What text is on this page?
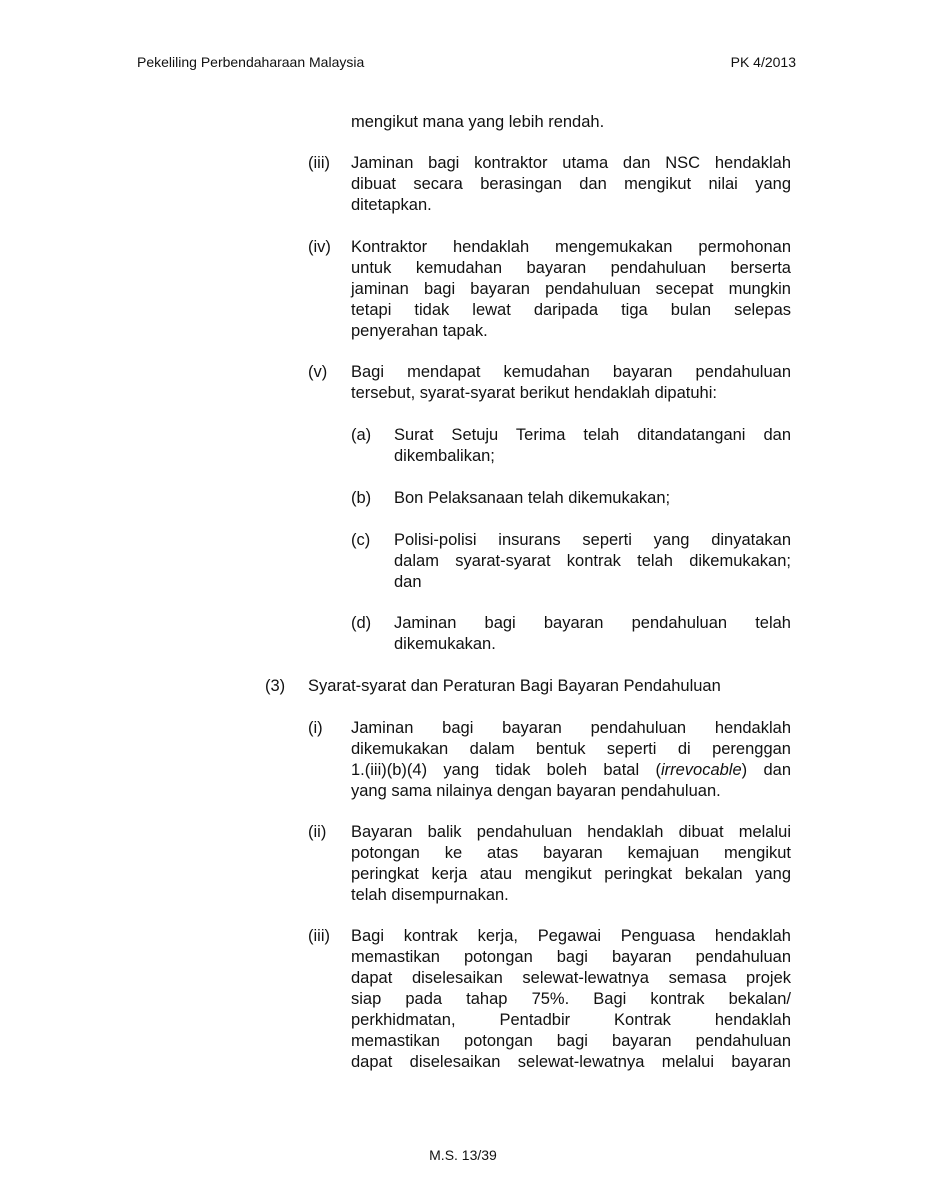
Pekeliling Perbendaharaan Malaysia	PK 4/2013
mengikut mana yang lebih rendah.
(iii) Jaminan bagi kontraktor utama dan NSC hendaklah
dibuat secara berasingan dan mengikut nilai yang
ditetapkan.
(iv) Kontraktor hendaklah mengemukakan permohonan
untuk kemudahan bayaran pendahuluan berserta
jaminan bagi bayaran pendahuluan secepat mungkin
tetapi tidak lewat daripada tiga bulan selepas
penyerahan tapak.
(v) Bagi mendapat kemudahan bayaran pendahuluan
tersebut, syarat-syarat berikut hendaklah dipatuhi:
(a) Surat Setuju Terima telah ditandatangani dan
dikembalikan;
(b) Bon Pelaksanaan telah dikemukakan;
(c) Polisi-polisi insurans seperti yang dinyatakan
dalam syarat-syarat kontrak telah dikemukakan;
dan
(d) Jaminan bagi bayaran pendahuluan telah
dikemukakan.
(3) Syarat-syarat dan Peraturan Bagi Bayaran Pendahuluan
(i) Jaminan bagi bayaran pendahuluan hendaklah
dikemukakan dalam bentuk seperti di perenggan
1.(iii)(b)(4) yang tidak boleh batal (irrevocable) dan
yang sama nilainya dengan bayaran pendahuluan.
(ii) Bayaran balik pendahuluan hendaklah dibuat melalui
potongan ke atas bayaran kemajuan mengikut
peringkat kerja atau mengikut peringkat bekalan yang
telah disempurnakan.
(iii) Bagi kontrak kerja, Pegawai Penguasa hendaklah
memastikan potongan bagi bayaran pendahuluan
dapat diselesaikan selewat-lewatnya semasa projek
siap pada tahap 75%. Bagi kontrak bekalan/
perkhidmatan, Pentadbir Kontrak hendaklah
memastikan potongan bagi bayaran pendahuluan
dapat diselesaikan selewat-lewatnya melalui bayaran
M.S. 13/39
